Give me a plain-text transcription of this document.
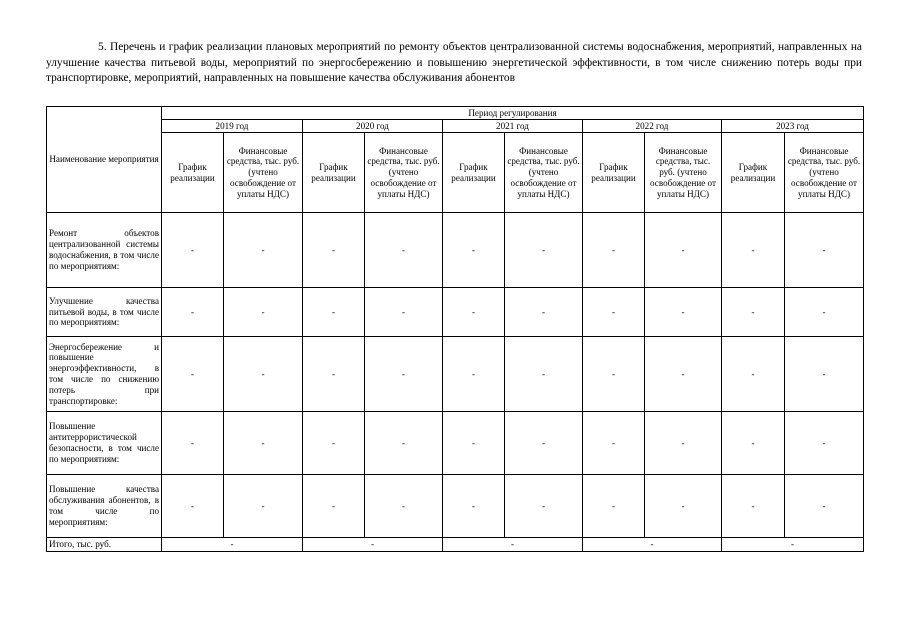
5. Перечень и график реализации плановых мероприятий по ремонту объектов централизованной системы водоснабжения, мероприятий, направленных на улучшение качества питьевой воды, мероприятий по энергосбережению и повышению энергетической эффективности, в том числе снижению потерь воды при транспортировке, мероприятий, направленных на повышение качества обслуживания абонентов
Наименование мероприятия	Период регулирования									
	2019 год		2020 год		2021 год		2022 год		2023 год	
	График реализации	Финансовые средства, тыс. руб. (учтено освобождение от уплаты НДС)	График реализации	Финансовые средства, тыс. руб. (учтено освобождение от уплаты НДС)	График реализации	Финансовые средства, тыс. руб. (учтено освобождение от уплаты НДС)	График реализации	Финансовые средства, тыс. руб. (учтено освобождение от уплаты НДС)	График реализации	Финансовые средства, тыс. руб. (учтено освобождение от уплаты НДС)
Ремонт объектов централизованной системы водоснабжения, в том числе по мероприятиям:	-	-	-	-	-	-	-	-	-	-
Улучшение качества питьевой воды, в том числе по мероприятиям:	-	-	-	-	-	-	-	-	-	-
Энергосбережение и повышение энергоэффективности, в том числе по снижению потерь при транспортировке:	-	-	-	-	-	-	-	-	-	-
Повышение антитеррористической безопасности, в том числе по мероприятиям:	-	-	-	-	-	-	-	-	-	-
Повышение качества обслуживания абонентов, в том числе по мероприятиям:	-	-	-	-	-	-	-	-	-	-
Итого, тыс. руб.	-		-		-		-		-	
